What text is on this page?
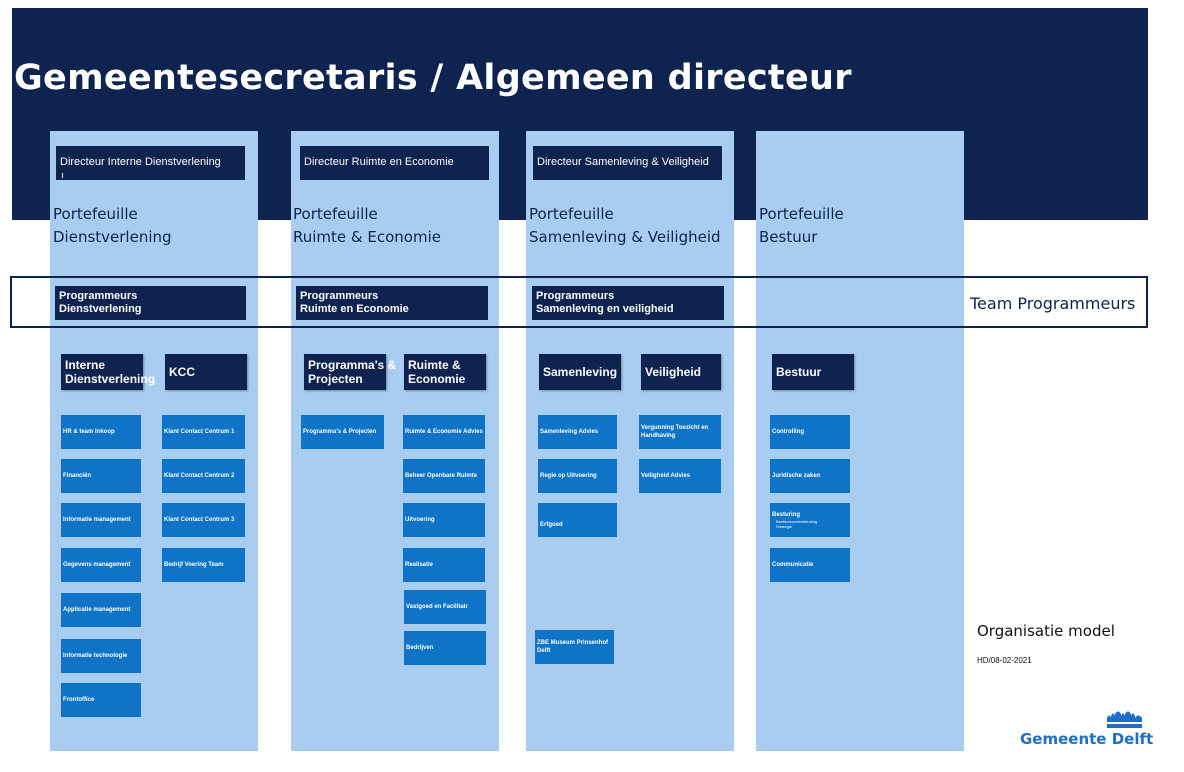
Gemeentesecretaris / Algemeen directeur
Directeur Interne Dienstverlening	Directeur Ruimte en Economie	Directeur Samenleving & Veiligheid
Portefeuille
Dienstverlening
Portefeuille
Ruimte & Economie
Portefeuille
Samenleving & Veiligheid
Portefeuille
Bestuur
Team Programmeurs
Programmeurs
Dienstverlening
Programmeurs
Ruimte en Economie
Programmeurs
Samenleving en veiligheid
Interne
Dienstverlening KCC	Programma's &
Projecten
Ruimte &
Economie	Samenleving Veiligheid	Bestuur
HR & team Inkoop
Financiën
Informatie management
Gegevens management
Applicatie management
Informatie technologie
Frontoffice
Klant Contact Centrum 1
Klant Contact Centrum 2
Klant Contact Centrum 3
Bedrijf Voering Team
Programma's & Projecten	Ruimte & Economie Advies
Beheer Openbare Ruimte
Uitvoering
Realisatie
Vastgoed en Facilitair
Bedrijven
Samenleving Advies
Regie op Uitvoering
Erfgoed
ZBE Museum Prinsenhof Delft
Vergunning Toezicht en Handhaving
Veiligheid Advies
Controlling
Juridische zaken
Besturing
Bestuursondersteuning
Strategie
Communicatie
Organisatie model
HD/08-02-2021
Gemeente Delft
